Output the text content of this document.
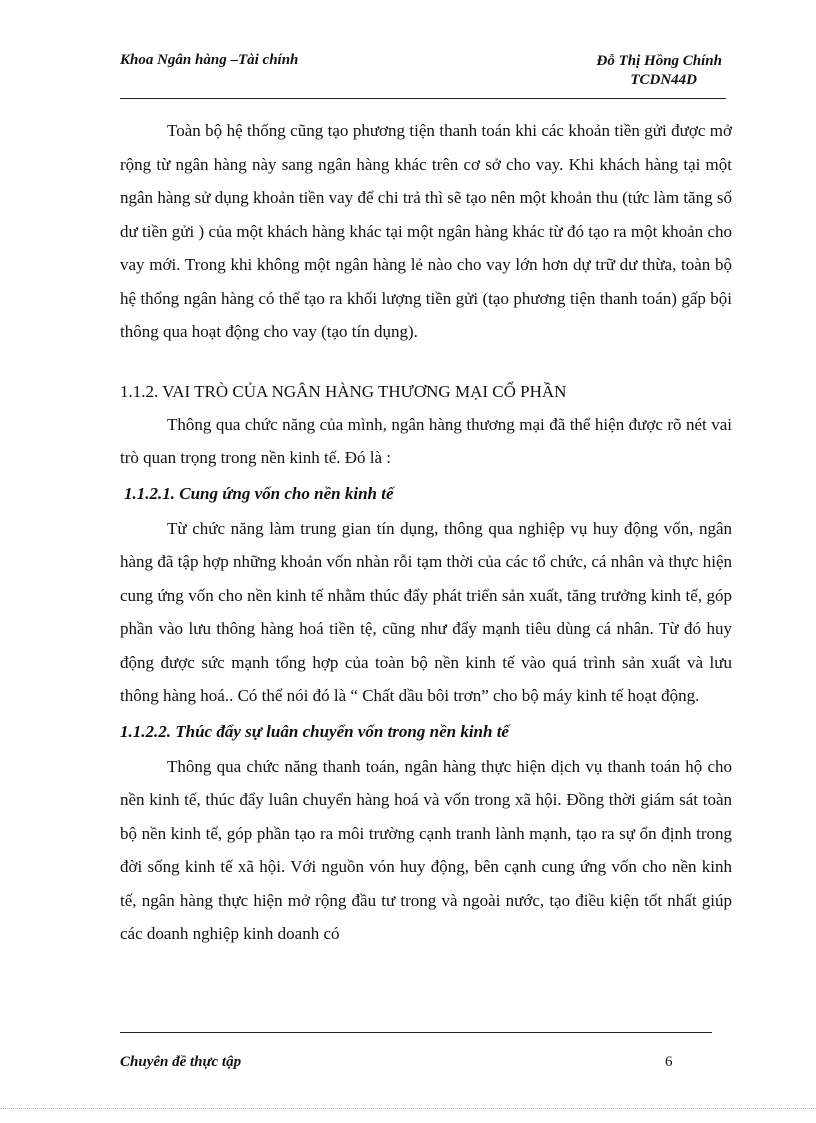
Khoa Ngân hàng –Tài chính	Đỗ Thị Hồng Chính
TCDN44D

Toàn bộ hệ thống cũng tạo phương tiện thanh toán khi các khoản tiền gửi được mở rộng từ ngân hàng này sang ngân hàng khác trên cơ sở cho vay. Khi khách hàng tại một ngân hàng sử dụng khoản tiền vay để chi trả thì sẽ tạo nên một khoản thu (tức làm tăng số dư tiền gửi ) của một khách hàng khác tại một ngân hàng khác từ đó tạo ra một khoản cho vay mới. Trong khi không một ngân hàng lẻ nào cho vay lớn hơn dự trữ dư thừa, toàn bộ hệ thống ngân hàng có thể tạo ra khối lượng tiền gửi (tạo phương tiện thanh toán) gấp bội thông qua hoạt động cho vay (tạo tín dụng).

1.1.2. VAI TRÒ CỦA NGÂN HÀNG THƯƠNG MẠI CỔ PHẦN

Thông qua chức năng của mình, ngân hàng thương mại đã thể hiện được rõ nét vai trò quan trọng trong nền kinh tế. Đó là :

1.1.2.1. Cung ứng vốn cho nền kinh tế

Từ chức năng làm trung gian tín dụng, thông qua nghiệp vụ huy động vốn, ngân hàng đã tập hợp những khoản vốn nhàn rỗi tạm thời của các tổ chức, cá nhân và thực hiện cung ứng vốn cho nền kinh tế nhằm thúc đẩy phát triển sản xuất, tăng trưởng kinh tế, góp phần vào lưu thông hàng hoá tiền tệ, cũng như đẩy mạnh tiêu dùng cá nhân. Từ đó huy động được sức mạnh tổng hợp của toàn bộ nền kinh tế vào quá trình sản xuất và lưu thông hàng hoá.. Có thể nói đó là “ Chất dầu bôi trơn” cho bộ máy kinh tế hoạt động.

1.1.2.2. Thúc đẩy sự luân chuyển vốn trong nền kinh tế

Thông qua chức năng thanh toán, ngân hàng thực hiện dịch vụ thanh toán hộ cho nền kinh tế, thúc đẩy luân chuyển hàng hoá và vốn trong xã hội. Đồng thời giám sát toàn bộ nền kinh tế, góp phần tạo ra môi trường cạnh tranh lành mạnh, tạo ra sự ổn định trong đời sống kinh tế xã hội. Với nguồn vón huy động, bên cạnh cung ứng vốn cho nền kinh tế, ngân hàng thực hiện mở rộng đầu tư trong và ngoài nước, tạo điều kiện tốt nhất giúp các doanh nghiệp kinh doanh có

Chuyên đề thực tập	6
